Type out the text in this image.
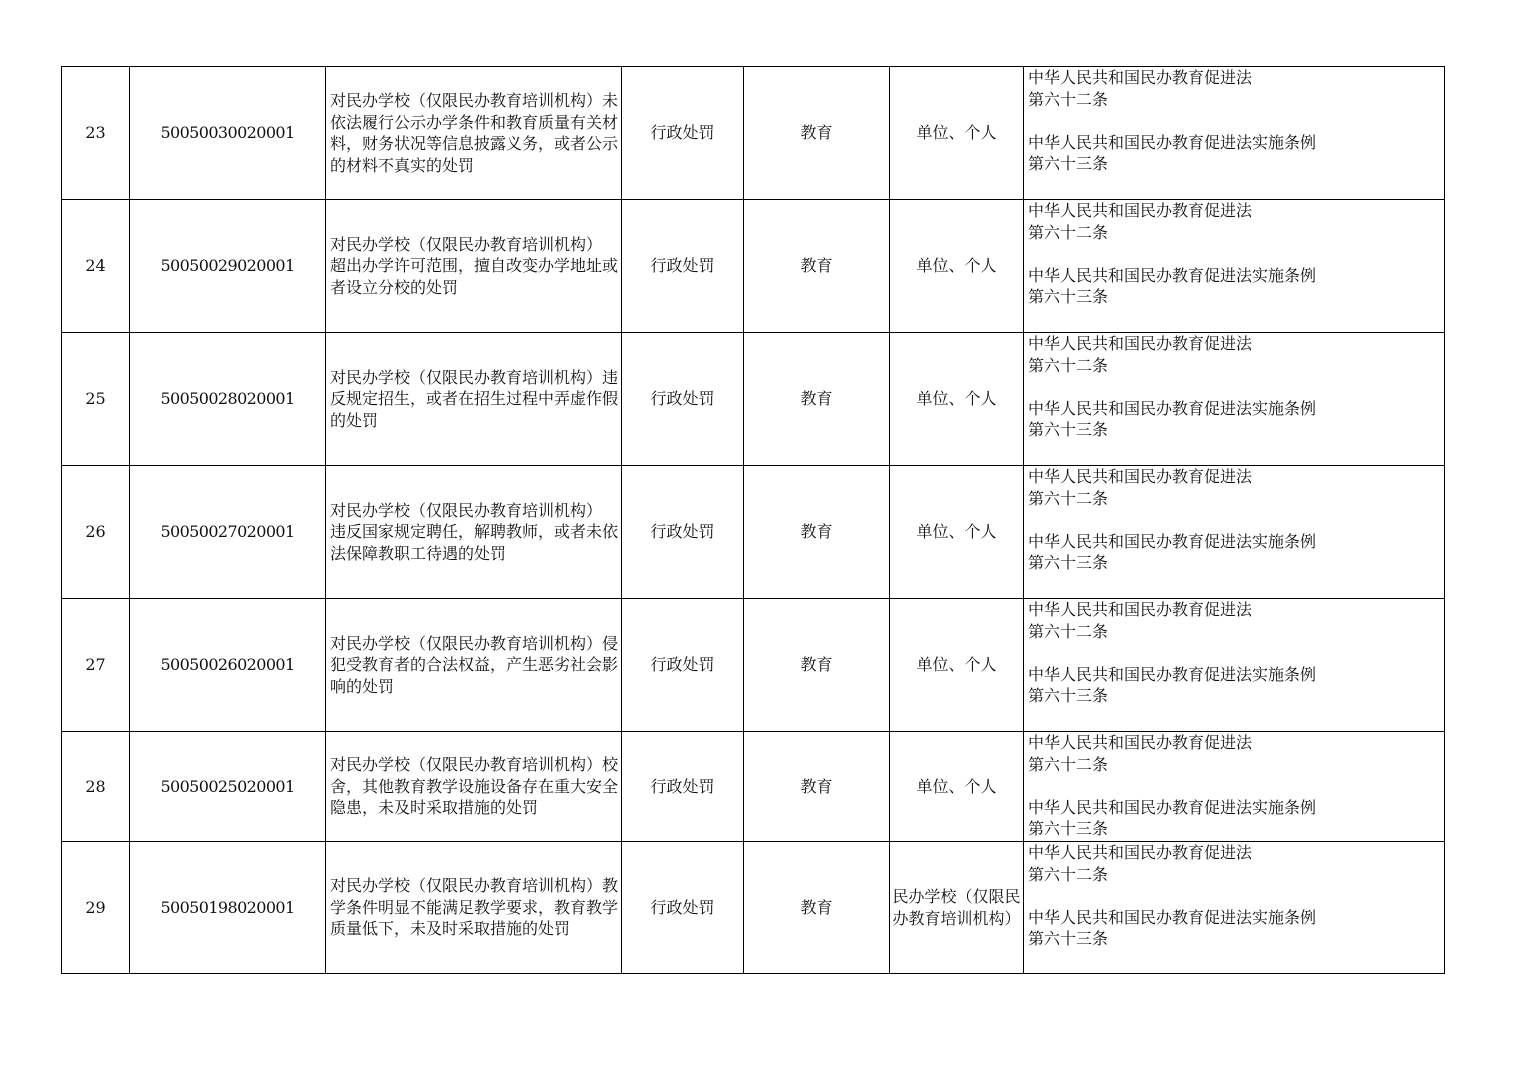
23	50050030020001	对民办学校（仅限民办教育培训机构）未依法履行公示办学条件和教育质量有关材料，财务状况等信息披露义务，或者公示的材料不真实的处罚	行政处罚	教育	单位、个人	中华人民共和国民办教育促进法
第六十二条
中华人民共和国民办教育促进法实施条例
第六十三条

24	50050029020001	对民办学校（仅限民办教育培训机构） 超出办学许可范围，擅自改变办学地址或者设立分校的处罚	行政处罚	教育	单位、个人	中华人民共和国民办教育促进法
第六十二条
中华人民共和国民办教育促进法实施条例
第六十三条

25	50050028020001	对民办学校（仅限民办教育培训机构）违反规定招生，或者在招生过程中弄虚作假的处罚	行政处罚	教育	单位、个人	中华人民共和国民办教育促进法
第六十二条
中华人民共和国民办教育促进法实施条例
第六十三条

26	50050027020001	对民办学校（仅限民办教育培训机构） 违反国家规定聘任，解聘教师，或者未依法保障教职工待遇的处罚	行政处罚	教育	单位、个人	中华人民共和国民办教育促进法
第六十二条
中华人民共和国民办教育促进法实施条例
第六十三条

27	50050026020001	对民办学校（仅限民办教育培训机构）侵犯受教育者的合法权益，产生恶劣社会影响的处罚	行政处罚	教育	单位、个人	中华人民共和国民办教育促进法
第六十二条
中华人民共和国民办教育促进法实施条例
第六十三条

28	50050025020001	对民办学校（仅限民办教育培训机构）校舍，其他教育教学设施设备存在重大安全隐患，未及时采取措施的处罚	行政处罚	教育	单位、个人	中华人民共和国民办教育促进法
第六十二条
中华人民共和国民办教育促进法实施条例
第六十三条

29	50050198020001	对民办学校（仅限民办教育培训机构）教学条件明显不能满足教学要求，教育教学质量低下，未及时采取措施的处罚	行政处罚	教育	民办学校（仅限民办教育培训机构）	中华人民共和国民办教育促进法
第六十二条
中华人民共和国民办教育促进法实施条例
第六十三条
